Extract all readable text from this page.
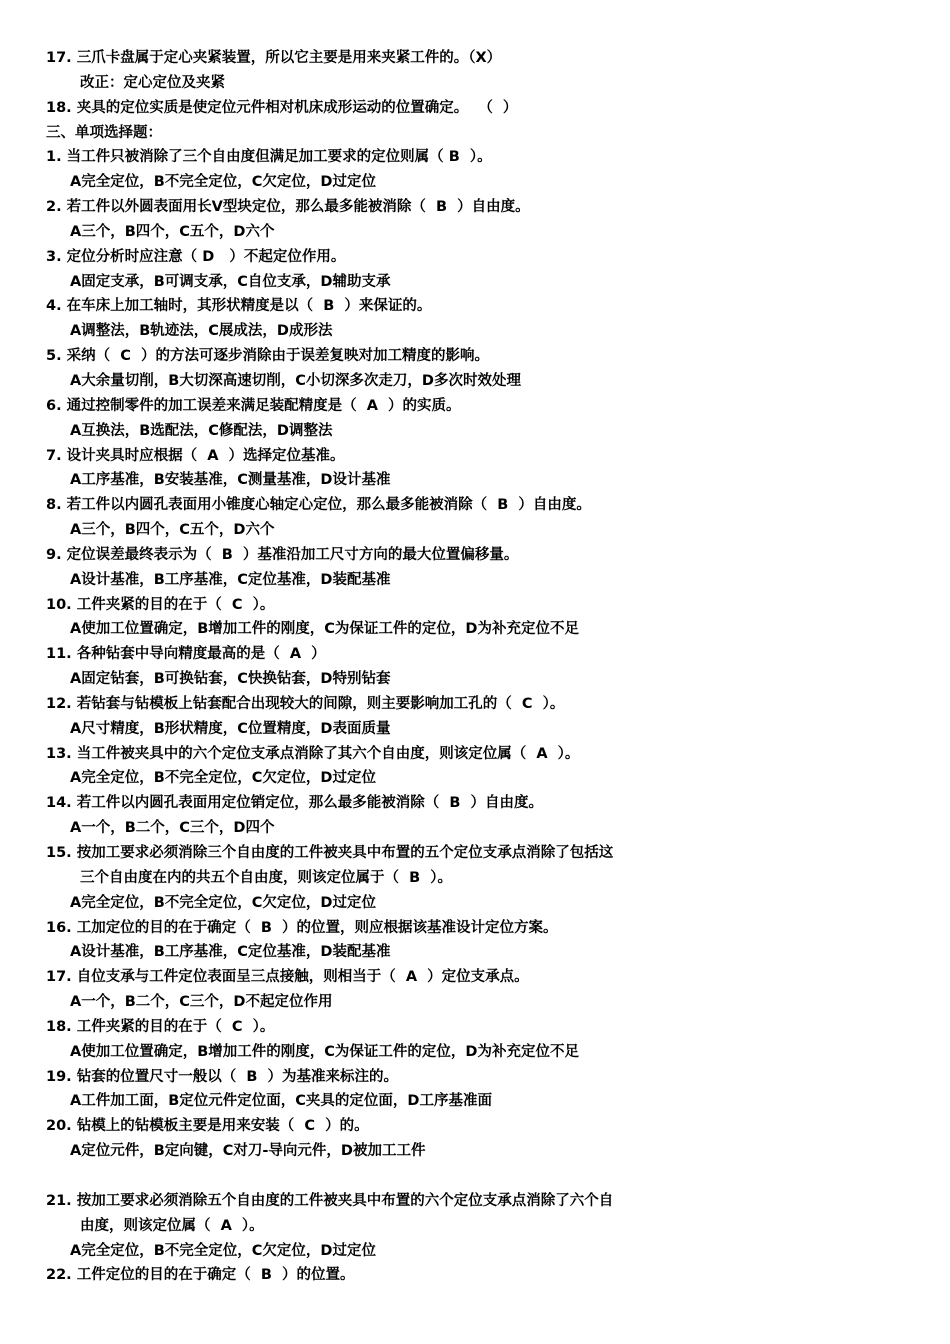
17. 三爪卡盘属于定心夹紧装置，所以它主要是用来夹紧工件的。（X）
改正：定心定位及夹紧
18. 夹具的定位实质是使定位元件相对机床成形运动的位置确定。  （  ）
三、单项选择题：
1. 当工件只被消除了三个自由度但满足加工要求的定位则属（ B  ）。
A完全定位，B不完全定位，C欠定位，D过定位
2. 若工件以外圆表面用长V型块定位，那么最多能被消除（  B  ）自由度。
A三个，B四个，C五个，D六个
3. 定位分析时应注意（ D   ）不起定位作用。
A固定支承，B可调支承，C自位支承，D辅助支承
4. 在车床上加工轴时，其形状精度是以（  B  ）来保证的。
A调整法，B轨迹法，C展成法，D成形法
5. 采纳（  C  ）的方法可逐步消除由于误差复映对加工精度的影响。
A大余量切削，B大切深高速切削，C小切深多次走刀，D多次时效处理
6. 通过控制零件的加工误差来满足装配精度是（  A  ）的实质。
A互换法，B选配法，C修配法，D调整法
7. 设计夹具时应根据（  A  ）选择定位基准。
A工序基准，B安装基准，C测量基准，D设计基准
8. 若工件以内圆孔表面用小锥度心轴定心定位，那么最多能被消除（  B  ）自由度。
A三个，B四个，C五个，D六个
9. 定位误差最终表示为（  B  ）基准沿加工尺寸方向的最大位置偏移量。
A设计基准，B工序基准，C定位基准，D装配基准
10. 工件夹紧的目的在于（  C  ）。
A使加工位置确定，B增加工件的刚度，C为保证工件的定位，D为补充定位不足
11. 各种钻套中导向精度最高的是（  A  ）
A固定钻套，B可换钻套，C快换钻套，D特别钻套
12. 若钻套与钻模板上钻套配合出现较大的间隙，则主要影响加工孔的（  C  ）。
A尺寸精度，B形状精度，C位置精度，D表面质量
13. 当工件被夹具中的六个定位支承点消除了其六个自由度，则该定位属（  A  ）。
A完全定位，B不完全定位，C欠定位，D过定位
14. 若工件以内圆孔表面用定位销定位，那么最多能被消除（  B  ）自由度。
A一个，B二个，C三个，D四个
15. 按加工要求必须消除三个自由度的工件被夹具中布置的五个定位支承点消除了包括这
三个自由度在内的共五个自由度，则该定位属于（  B  ）。
A完全定位，B不完全定位，C欠定位，D过定位
16. 工加定位的目的在于确定（  B  ）的位置，则应根据该基准设计定位方案。
A设计基准，B工序基准，C定位基准，D装配基准
17. 自位支承与工件定位表面呈三点接触，则相当于（  A  ）定位支承点。
A一个，B二个，C三个，D不起定位作用
18. 工件夹紧的目的在于（  C  ）。
A使加工位置确定，B增加工件的刚度，C为保证工件的定位，D为补充定位不足
19. 钻套的位置尺寸一般以（  B  ）为基准来标注的。
A工件加工面，B定位元件定位面，C夹具的定位面，D工序基准面
20. 钻模上的钻模板主要是用来安装（  C  ）的。
A定位元件，B定向键，C对刀-导向元件，D被加工工件
21. 按加工要求必须消除五个自由度的工件被夹具中布置的六个定位支承点消除了六个自
由度，则该定位属（  A  ）。
A完全定位，B不完全定位，C欠定位，D过定位
22. 工件定位的目的在于确定（  B  ）的位置。
